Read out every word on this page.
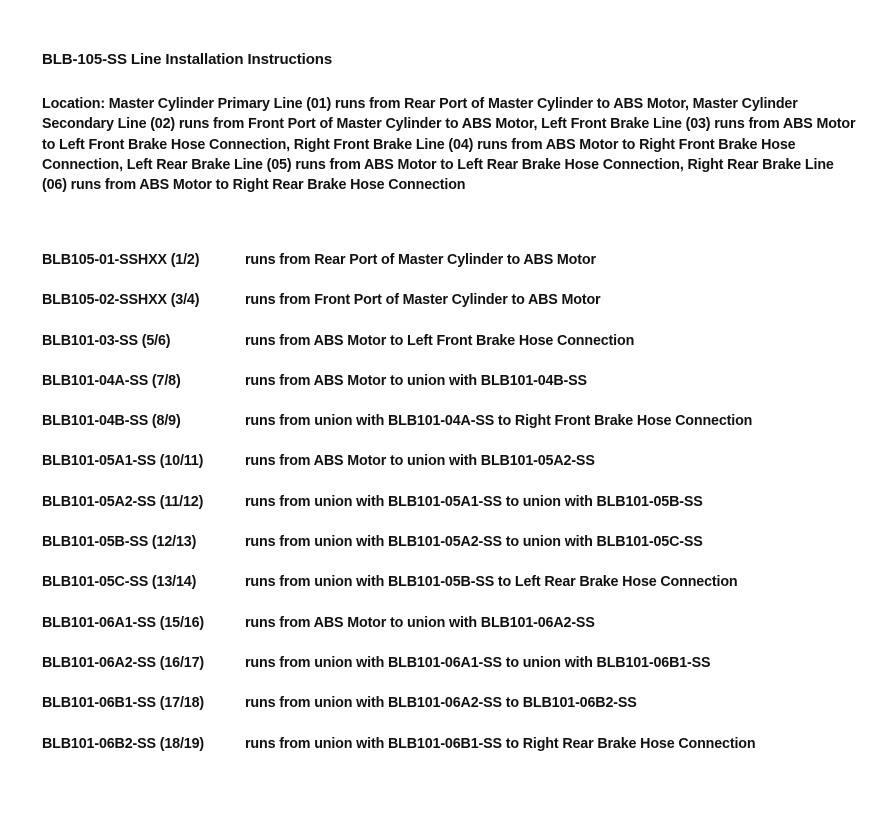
BLB-105-SS Line Installation Instructions
Location: Master Cylinder Primary Line (01) runs from Rear Port of Master Cylinder to ABS Motor, Master Cylinder Secondary Line (02) runs from Front Port of Master Cylinder to ABS Motor, Left Front Brake Line (03) runs from ABS Motor to Left Front Brake Hose Connection, Right Front Brake Line (04) runs from ABS Motor to Right Front Brake Hose Connection, Left Rear Brake Line (05) runs from ABS Motor to Left Rear Brake Hose Connection, Right Rear Brake Line (06) runs from ABS Motor to Right Rear Brake Hose Connection
BLB105-01-SSHXX (1/2)	runs from Rear Port of Master Cylinder to ABS Motor
BLB105-02-SSHXX (3/4)	runs from Front Port of Master Cylinder to ABS Motor
BLB101-03-SS (5/6)	runs from ABS Motor to Left Front Brake Hose Connection
BLB101-04A-SS (7/8)	runs from ABS Motor to union with BLB101-04B-SS
BLB101-04B-SS (8/9)	runs from union with BLB101-04A-SS to Right Front Brake Hose Connection
BLB101-05A1-SS (10/11)	runs from ABS Motor to union with BLB101-05A2-SS
BLB101-05A2-SS (11/12)	runs from union with BLB101-05A1-SS to union with BLB101-05B-SS
BLB101-05B-SS (12/13)	runs from union with BLB101-05A2-SS to union with BLB101-05C-SS
BLB101-05C-SS (13/14)	runs from union with BLB101-05B-SS to Left Rear Brake Hose Connection
BLB101-06A1-SS (15/16)	runs from ABS Motor to union with BLB101-06A2-SS
BLB101-06A2-SS (16/17)	runs from union with BLB101-06A1-SS to union with BLB101-06B1-SS
BLB101-06B1-SS (17/18)	runs from union with BLB101-06A2-SS to BLB101-06B2-SS
BLB101-06B2-SS (18/19)	runs from union with BLB101-06B1-SS to Right Rear Brake Hose Connection
